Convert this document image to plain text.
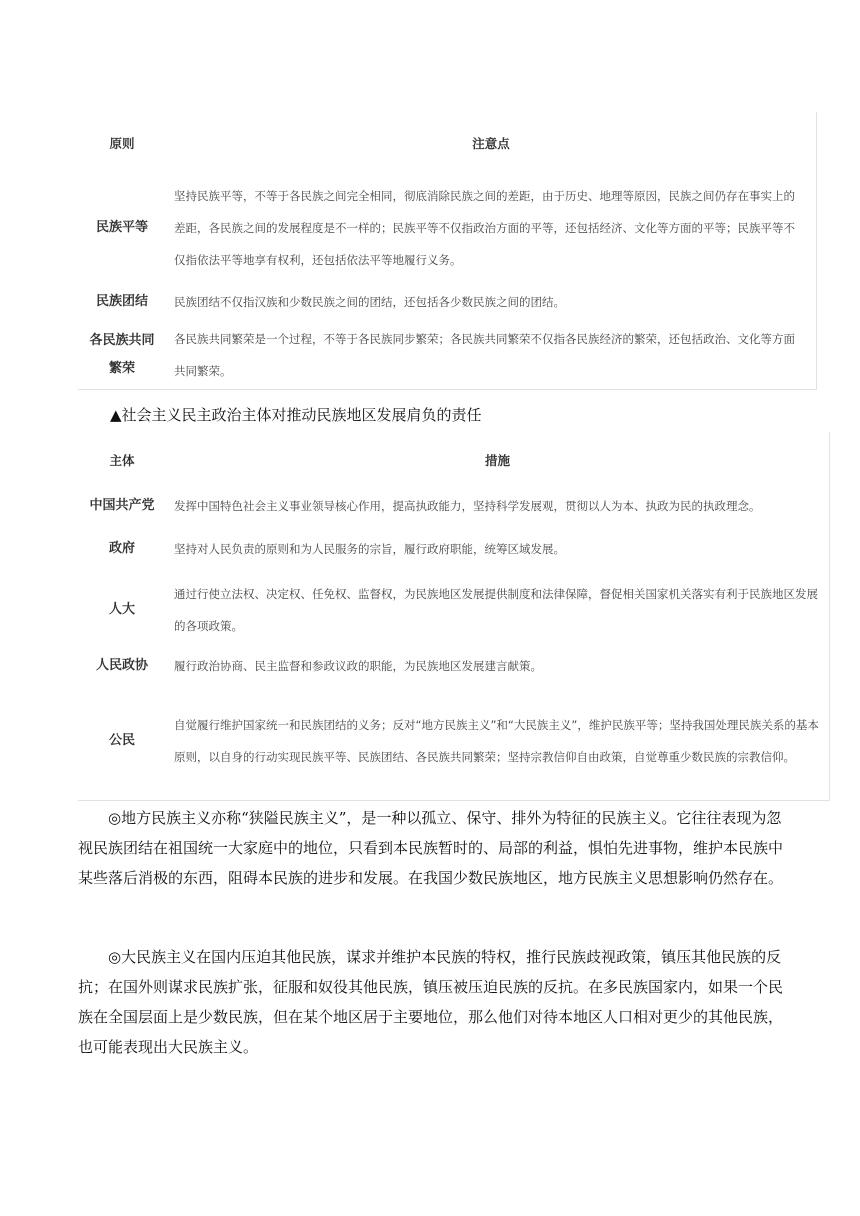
原则	注意点
民族平等	坚持民族平等，不等于各民族之间完全相同，彻底消除民族之间的差距，由于历史、地理等原因，民族之间仍存在事实上的差距，各民族之间的发展程度是不一样的；民族平等不仅指政治方面的平等，还包括经济、文化等方面的平等；民族平等不仅指依法平等地享有权利，还包括依法平等地履行义务。
民族团结	民族团结不仅指汉族和少数民族之间的团结，还包括各少数民族之间的团结。
各民族共同繁荣	各民族共同繁荣是一个过程，不等于各民族同步繁荣；各民族共同繁荣不仅指各民族经济的繁荣，还包括政治、文化等方面共同繁荣。
▲社会主义民主政治主体对推动民族地区发展肩负的责任
主体	措施
中国共产党	发挥中国特色社会主义事业领导核心作用，提高执政能力，坚持科学发展观，贯彻以人为本、执政为民的执政理念。
政府	坚持对人民负责的原则和为人民服务的宗旨，履行政府职能，统筹区域发展。
人大	通过行使立法权、决定权、任免权、监督权，为民族地区发展提供制度和法律保障，督促相关国家机关落实有利于民族地区发展的各项政策。
人民政协	履行政治协商、民主监督和参政议政的职能，为民族地区发展建言献策。
公民	自觉履行维护国家统一和民族团结的义务；反对“地方民族主义”和“大民族主义”，维护民族平等；坚持我国处理民族关系的基本原则，以自身的行动实现民族平等、民族团结、各民族共同繁荣；坚持宗教信仰自由政策，自觉尊重少数民族的宗教信仰。

◎地方民族主义亦称“狭隘民族主义”，是一种以孤立、保守、排外为特征的民族主义。它往往表现为忽视民族团结在祖国统一大家庭中的地位，只看到本民族暂时的、局部的利益，惧怕先进事物，维护本民族中某些落后消极的东西，阻碍本民族的进步和发展。在我国少数民族地区，地方民族主义思想影响仍然存在。

◎大民族主义在国内压迫其他民族，谋求并维护本民族的特权，推行民族歧视政策，镇压其他民族的反抗；在国外则谋求民族扩张，征服和奴役其他民族，镇压被压迫民族的反抗。在多民族国家内，如果一个民族在全国层面上是少数民族，但在某个地区居于主要地位，那么他们对待本地区人口相对更少的其他民族，也可能表现出大民族主义。
